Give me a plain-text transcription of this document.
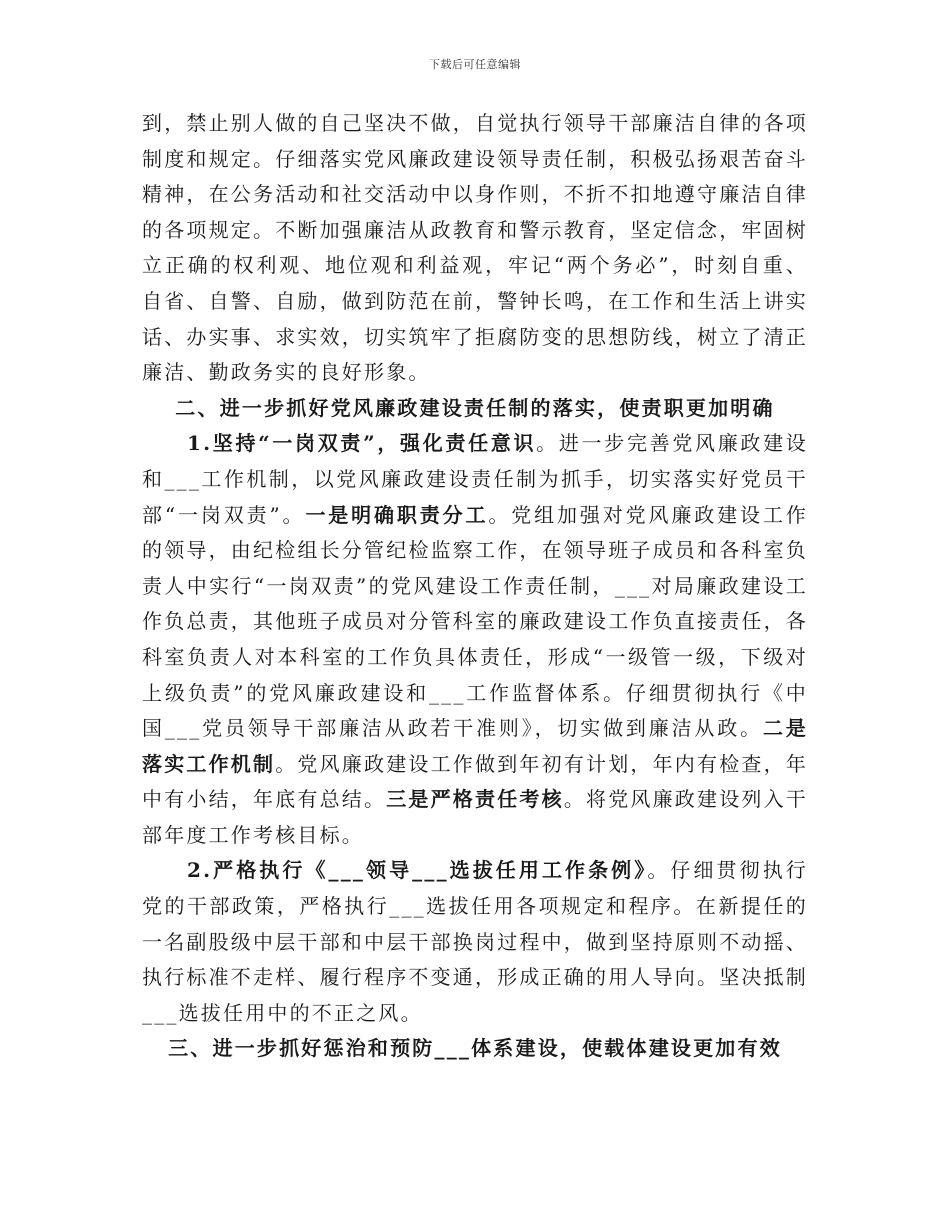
下载后可任意编辑

到，禁止别人做的自己坚决不做，自觉执行领导干部廉洁自律的各项制度和规定。仔细落实党风廉政建设领导责任制，积极弘扬艰苦奋斗精神，在公务活动和社交活动中以身作则，不折不扣地遵守廉洁自律的各项规定。不断加强廉洁从政教育和警示教育，坚定信念，牢固树立正确的权利观、地位观和利益观，牢记“两个务必”，时刻自重、自省、自警、自励，做到防范在前，警钟长鸣，在工作和生活上讲实话、办实事、求实效，切实筑牢了拒腐防变的思想防线，树立了清正廉洁、勤政务实的良好形象。

二、进一步抓好党风廉政建设责任制的落实，使责职更加明确

1.坚持“一岗双责”，强化责任意识。进一步完善党风廉政建设和___工作机制，以党风廉政建设责任制为抓手，切实落实好党员干部“一岗双责”。一是明确职责分工。党组加强对党风廉政建设工作的领导，由纪检组长分管纪检监察工作，在领导班子成员和各科室负责人中实行“一岗双责”的党风建设工作责任制，___对局廉政建设工作负总责，其他班子成员对分管科室的廉政建设工作负直接责任，各科室负责人对本科室的工作负具体责任，形成“一级管一级，下级对上级负责”的党风廉政建设和___工作监督体系。仔细贯彻执行《中国___党员领导干部廉洁从政若干准则》，切实做到廉洁从政。二是落实工作机制。党风廉政建设工作做到年初有计划，年内有检查，年中有小结，年底有总结。三是严格责任考核。将党风廉政建设列入干部年度工作考核目标。

2.严格执行《___领导___选拔任用工作条例》。仔细贯彻执行党的干部政策，严格执行___选拔任用各项规定和程序。在新提任的一名副股级中层干部和中层干部换岗过程中，做到坚持原则不动摇、执行标准不走样、履行程序不变通，形成正确的用人导向。坚决抵制___选拔任用中的不正之风。

三、进一步抓好惩治和预防___体系建设，使载体建设更加有效
